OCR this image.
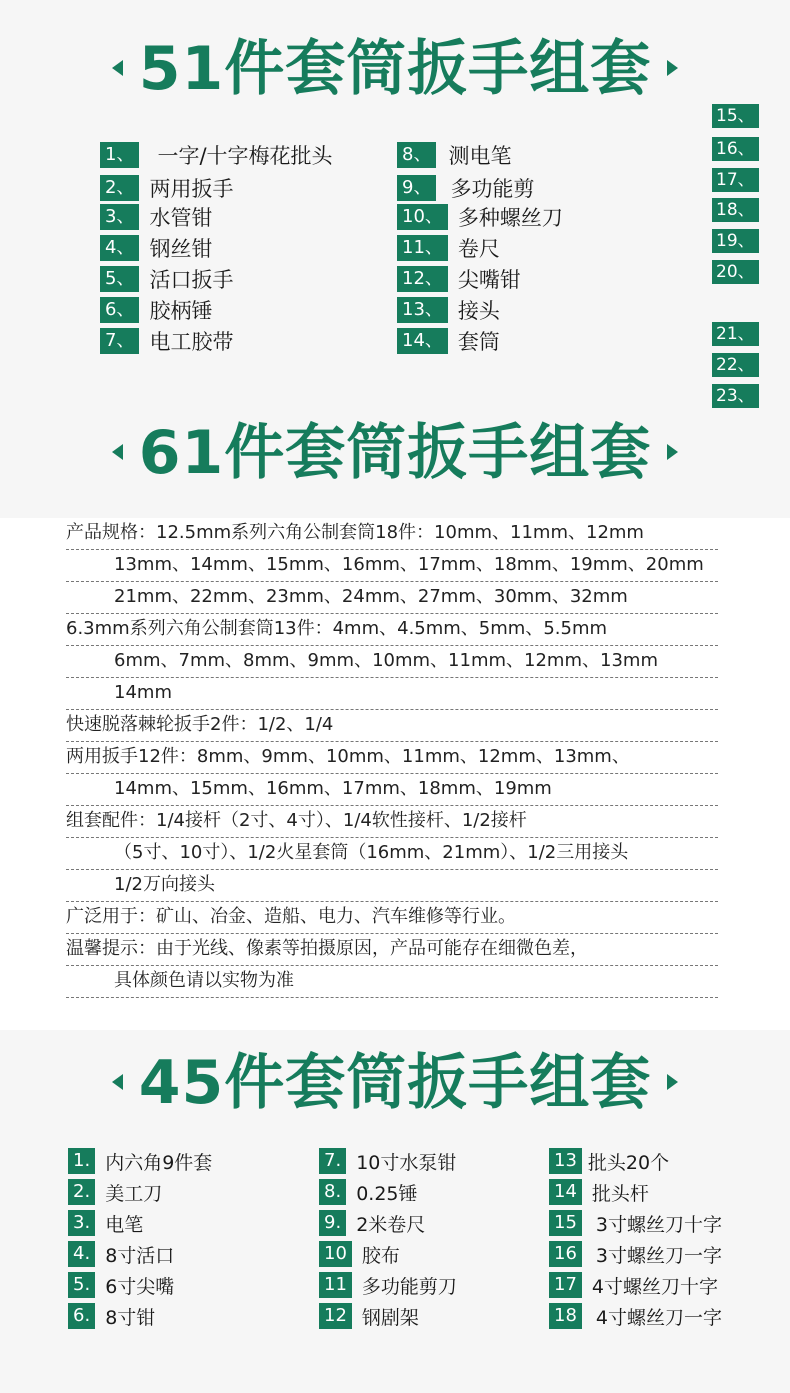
51件套筒扳手组套
1、 一字/十字梅花批头
2、 两用扳手
3、 水管钳
4、 钢丝钳
5、 活口扳手
6、 胶柄锤
7、 电工胶带
8、 测电笔
9、 多功能剪
10、 多种螺丝刀
11、 卷尺
12、 尖嘴钳
13、 接头
14、 套筒
15、
16、
17、
18、
19、
20、
21、
22、
23、
61件套筒扳手组套
产品规格：12.5mm系列六角公制套筒18件：10mm、11mm、12mm
13mm、14mm、15mm、16mm、17mm、18mm、19mm、20mm
21mm、22mm、23mm、24mm、27mm、30mm、32mm
6.3mm系列六角公制套筒13件：4mm、4.5mm、5mm、5.5mm
6mm、7mm、8mm、9mm、10mm、11mm、12mm、13mm
14mm
快速脱落棘轮扳手2件：1/2、1/4
两用扳手12件：8mm、9mm、10mm、11mm、12mm、13mm、
14mm、15mm、16mm、17mm、18mm、19mm
组套配件：1/4接杆（2寸、4寸）、1/4软性接杆、1/2接杆
（5寸、10寸）、1/2火星套筒（16mm、21mm）、1/2三用接头
1/2万向接头
广泛用于：矿山、冶金、造船、电力、汽车维修等行业。
温馨提示：由于光线、像素等拍摄原因，产品可能存在细微色差，
具体颜色请以实物为准
45件套筒扳手组套
1. 内六角9件套
2. 美工刀
3. 电笔
4. 8寸活口
5. 6寸尖嘴
6. 8寸钳
7. 10寸水泵钳
8. 0.25锤
9. 2米卷尺
10 胶布
11 多功能剪刀
12 钢剧架
13 批头20个
14 批头杆
15 3寸螺丝刀十字
16 3寸螺丝刀一字
17 4寸螺丝刀十字
18 4寸螺丝刀一字
